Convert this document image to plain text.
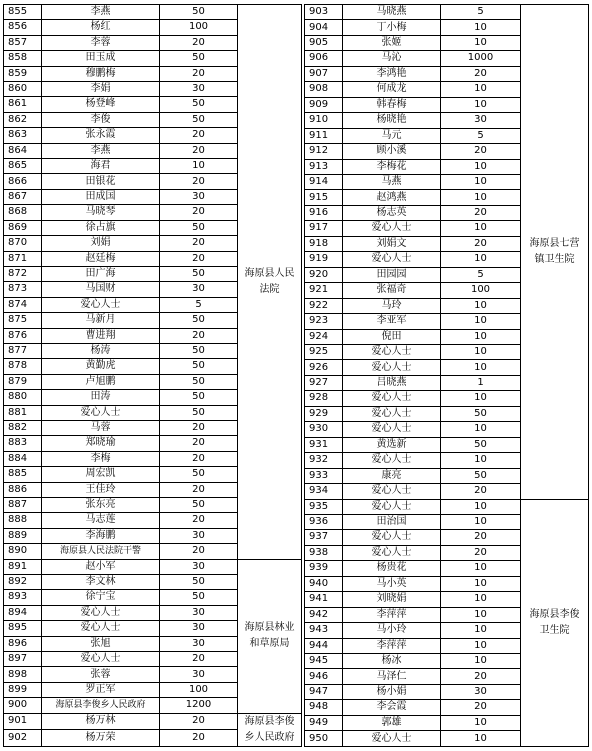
855	李燕	50	海原县人民法院
856	杨红	100	
857	李蓉	20	
858	田玉成	50	
859	穆鹏梅	20	
860	李娟	30	
861	杨登峰	50	
862	李俊	50	
863	张永霞	20	
864	李燕	20	
865	海君	10	
866	田银花	20	
867	田成国	30	
868	马晓琴	20	
869	徐占旗	50	
870	刘娟	20	
871	赵廷梅	20	
872	田广海	50	
873	马国财	30	
874	爱心人士	5	
875	马新月	50	
876	曹进翔	20	
877	杨涛	50	
878	黄勤虎	50	
879	卢旭鹏	50	
880	田涛	50	
881	爱心人士	50	
882	马蓉	20	
883	郑晓瑜	20	
884	李梅	20	
885	周宏凯	50	
886	王佳玲	20	
887	张东亮	50	
888	马志莲	20	
889	李海鹏	30	
890	海原县人民法院干警	20	
891	赵小军	30	海原县林业和草原局
892	李文林	50	
893	徐宁宝	50	
894	爱心人士	30	
895	爱心人士	30	
896	张旭	30	
897	爱心人士	20	
898	张蓉	30	
899	罗正军	100	
900	海原县李俊乡人民政府	1200	
901	杨万林	20	海原县李俊乡人民政府
902	杨万荣	20	
903	马晓燕	5	海原县七营镇卫生院
904	丁小梅	10	
905	张姬	10	
906	马沁	1000	
907	李鸿艳	20	
908	何成龙	10	
909	韩春梅	10	
910	杨晓艳	30	
911	马元	5	
912	顾小溪	20	
913	李梅花	10	
914	马燕	10	
915	赵鸿燕	10	
916	杨志英	20	
917	爱心人士	10	
918	刘娟文	20	
919	爱心人士	10	
920	田园园	5	
921	张福奇	100	
922	马玲	10	
923	李亚军	10	
924	倪田	10	
925	爱心人士	10	
926	爱心人士	10	
927	吕晓燕	1	
928	爱心人士	10	
929	爱心人士	50	
930	爱心人士	10	
931	黄选新	50	
932	爱心人士	10	
933	康亮	50	
934	爱心人士	20	
935	爱心人士	10	海原县李俊卫生院
936	田治国	10	
937	爱心人士	20	
938	爱心人士	20	
939	杨贵花	10	
940	马小英	10	
941	刘晓娟	10	
942	李萍萍	10	
943	马小玲	10	
944	李萍萍	10	
945	杨冰	10	
946	马泽仁	20	
947	杨小娟	30	
948	李会霞	20	
949	郭雄	10	
950	爱心人士	10	
